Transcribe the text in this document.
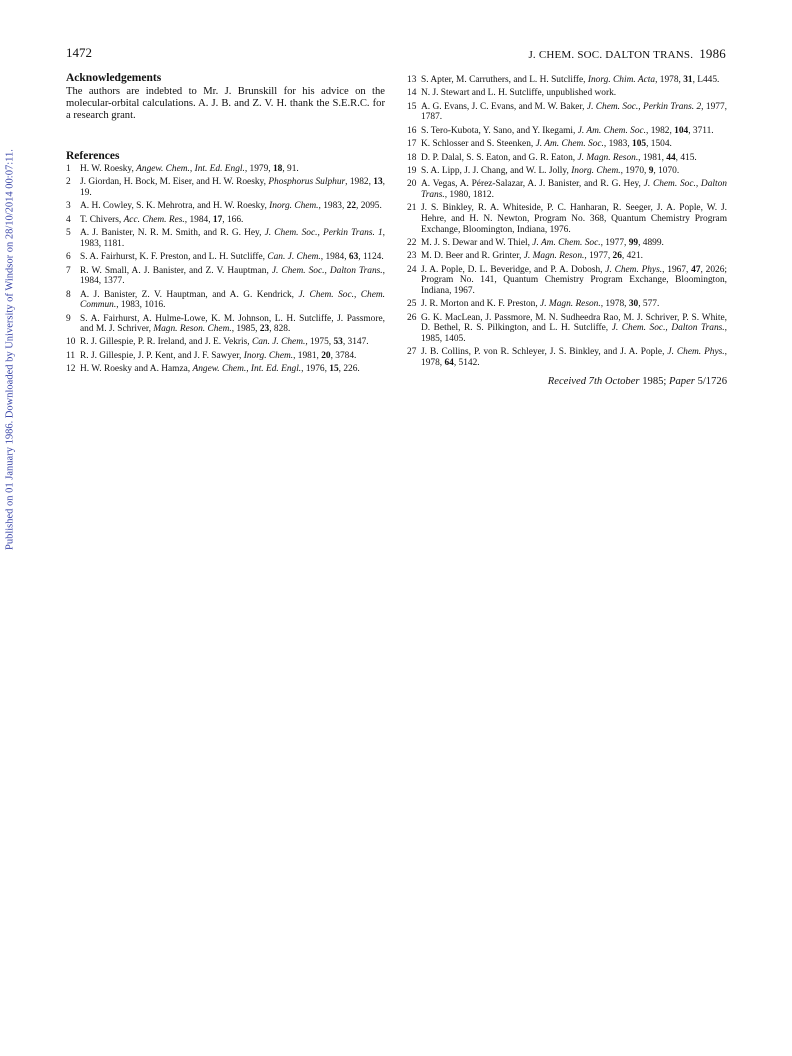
Published on 01 January 1986. Downloaded by University of Windsor on 28/10/2014 00:07:11.
1472	J. CHEM. SOC. DALTON TRANS. 1986
Acknowledgements

The authors are indebted to Mr. J. Brunskill for his advice on the molecular-orbital calculations. A. J. B. and Z. V. H. thank the S.E.R.C. for a research grant.

References
1 H. W. Roesky, Angew. Chem., Int. Ed. Engl., 1979, 18, 91.
2 J. Giordan, H. Bock, M. Eiser, and H. W. Roesky, Phosphorus Sulphur, 1982, 13, 19.
3 A. H. Cowley, S. K. Mehrotra, and H. W. Roesky, Inorg. Chem., 1983, 22, 2095.
4 T. Chivers, Acc. Chem. Res., 1984, 17, 166.
5 A. J. Banister, N. R. M. Smith, and R. G. Hey, J. Chem. Soc., Perkin Trans. 1, 1983, 1181.
6 S. A. Fairhurst, K. F. Preston, and L. H. Sutcliffe, Can. J. Chem., 1984, 63, 1124.
7 R. W. Small, A. J. Banister, and Z. V. Hauptman, J. Chem. Soc., Dalton Trans., 1984, 1377.
8 A. J. Banister, Z. V. Hauptman, and A. G. Kendrick, J. Chem. Soc., Chem. Commun., 1983, 1016.
9 S. A. Fairhurst, A. Hulme-Lowe, K. M. Johnson, L. H. Sutcliffe, J. Passmore, and M. J. Schriver, Magn. Reson. Chem., 1985, 23, 828.
10 R. J. Gillespie, P. R. Ireland, and J. E. Vekris, Can. J. Chem., 1975, 53, 3147.
11 R. J. Gillespie, J. P. Kent, and J. F. Sawyer, Inorg. Chem., 1981, 20, 3784.
12 H. W. Roesky and A. Hamza, Angew. Chem., Int. Ed. Engl., 1976, 15, 226.
13 S. Apter, M. Carruthers, and L. H. Sutcliffe, Inorg. Chim. Acta, 1978, 31, L445.
14 N. J. Stewart and L. H. Sutcliffe, unpublished work.
15 A. G. Evans, J. C. Evans, and M. W. Baker, J. Chem. Soc., Perkin Trans. 2, 1977, 1787.
16 S. Tero-Kubota, Y. Sano, and Y. Ikegami, J. Am. Chem. Soc., 1982, 104, 3711.
17 K. Schlosser and S. Steenken, J. Am. Chem. Soc., 1983, 105, 1504.
18 D. P. Dalal, S. S. Eaton, and G. R. Eaton, J. Magn. Reson., 1981, 44, 415.
19 S. A. Lipp, J. J. Chang, and W. L. Jolly, Inorg. Chem., 1970, 9, 1070.
20 A. Vegas, A. Pérez-Salazar, A. J. Banister, and R. G. Hey, J. Chem. Soc., Dalton Trans., 1980, 1812.
21 J. S. Binkley, R. A. Whiteside, P. C. Hanharan, R. Seeger, J. A. Pople, W. J. Hehre, and H. N. Newton, Program No. 368, Quantum Chemistry Program Exchange, Bloomington, Indiana, 1976.
22 M. J. S. Dewar and W. Thiel, J. Am. Chem. Soc., 1977, 99, 4899.
23 M. D. Beer and R. Grinter, J. Magn. Reson., 1977, 26, 421.
24 J. A. Pople, D. L. Beveridge, and P. A. Dobosh, J. Chem. Phys., 1967, 47, 2026; Program No. 141, Quantum Chemistry Program Exchange, Bloomington, Indiana, 1967.
25 J. R. Morton and K. F. Preston, J. Magn. Reson., 1978, 30, 577.
26 G. K. MacLean, J. Passmore, M. N. Sudheedra Rao, M. J. Schriver, P. S. White, D. Bethel, R. S. Pilkington, and L. H. Sutcliffe, J. Chem. Soc., Dalton Trans., 1985, 1405.
27 J. B. Collins, P. von R. Schleyer, J. S. Binkley, and J. A. Pople, J. Chem. Phys., 1978, 64, 5142.
Received 7th October 1985; Paper 5/1726
